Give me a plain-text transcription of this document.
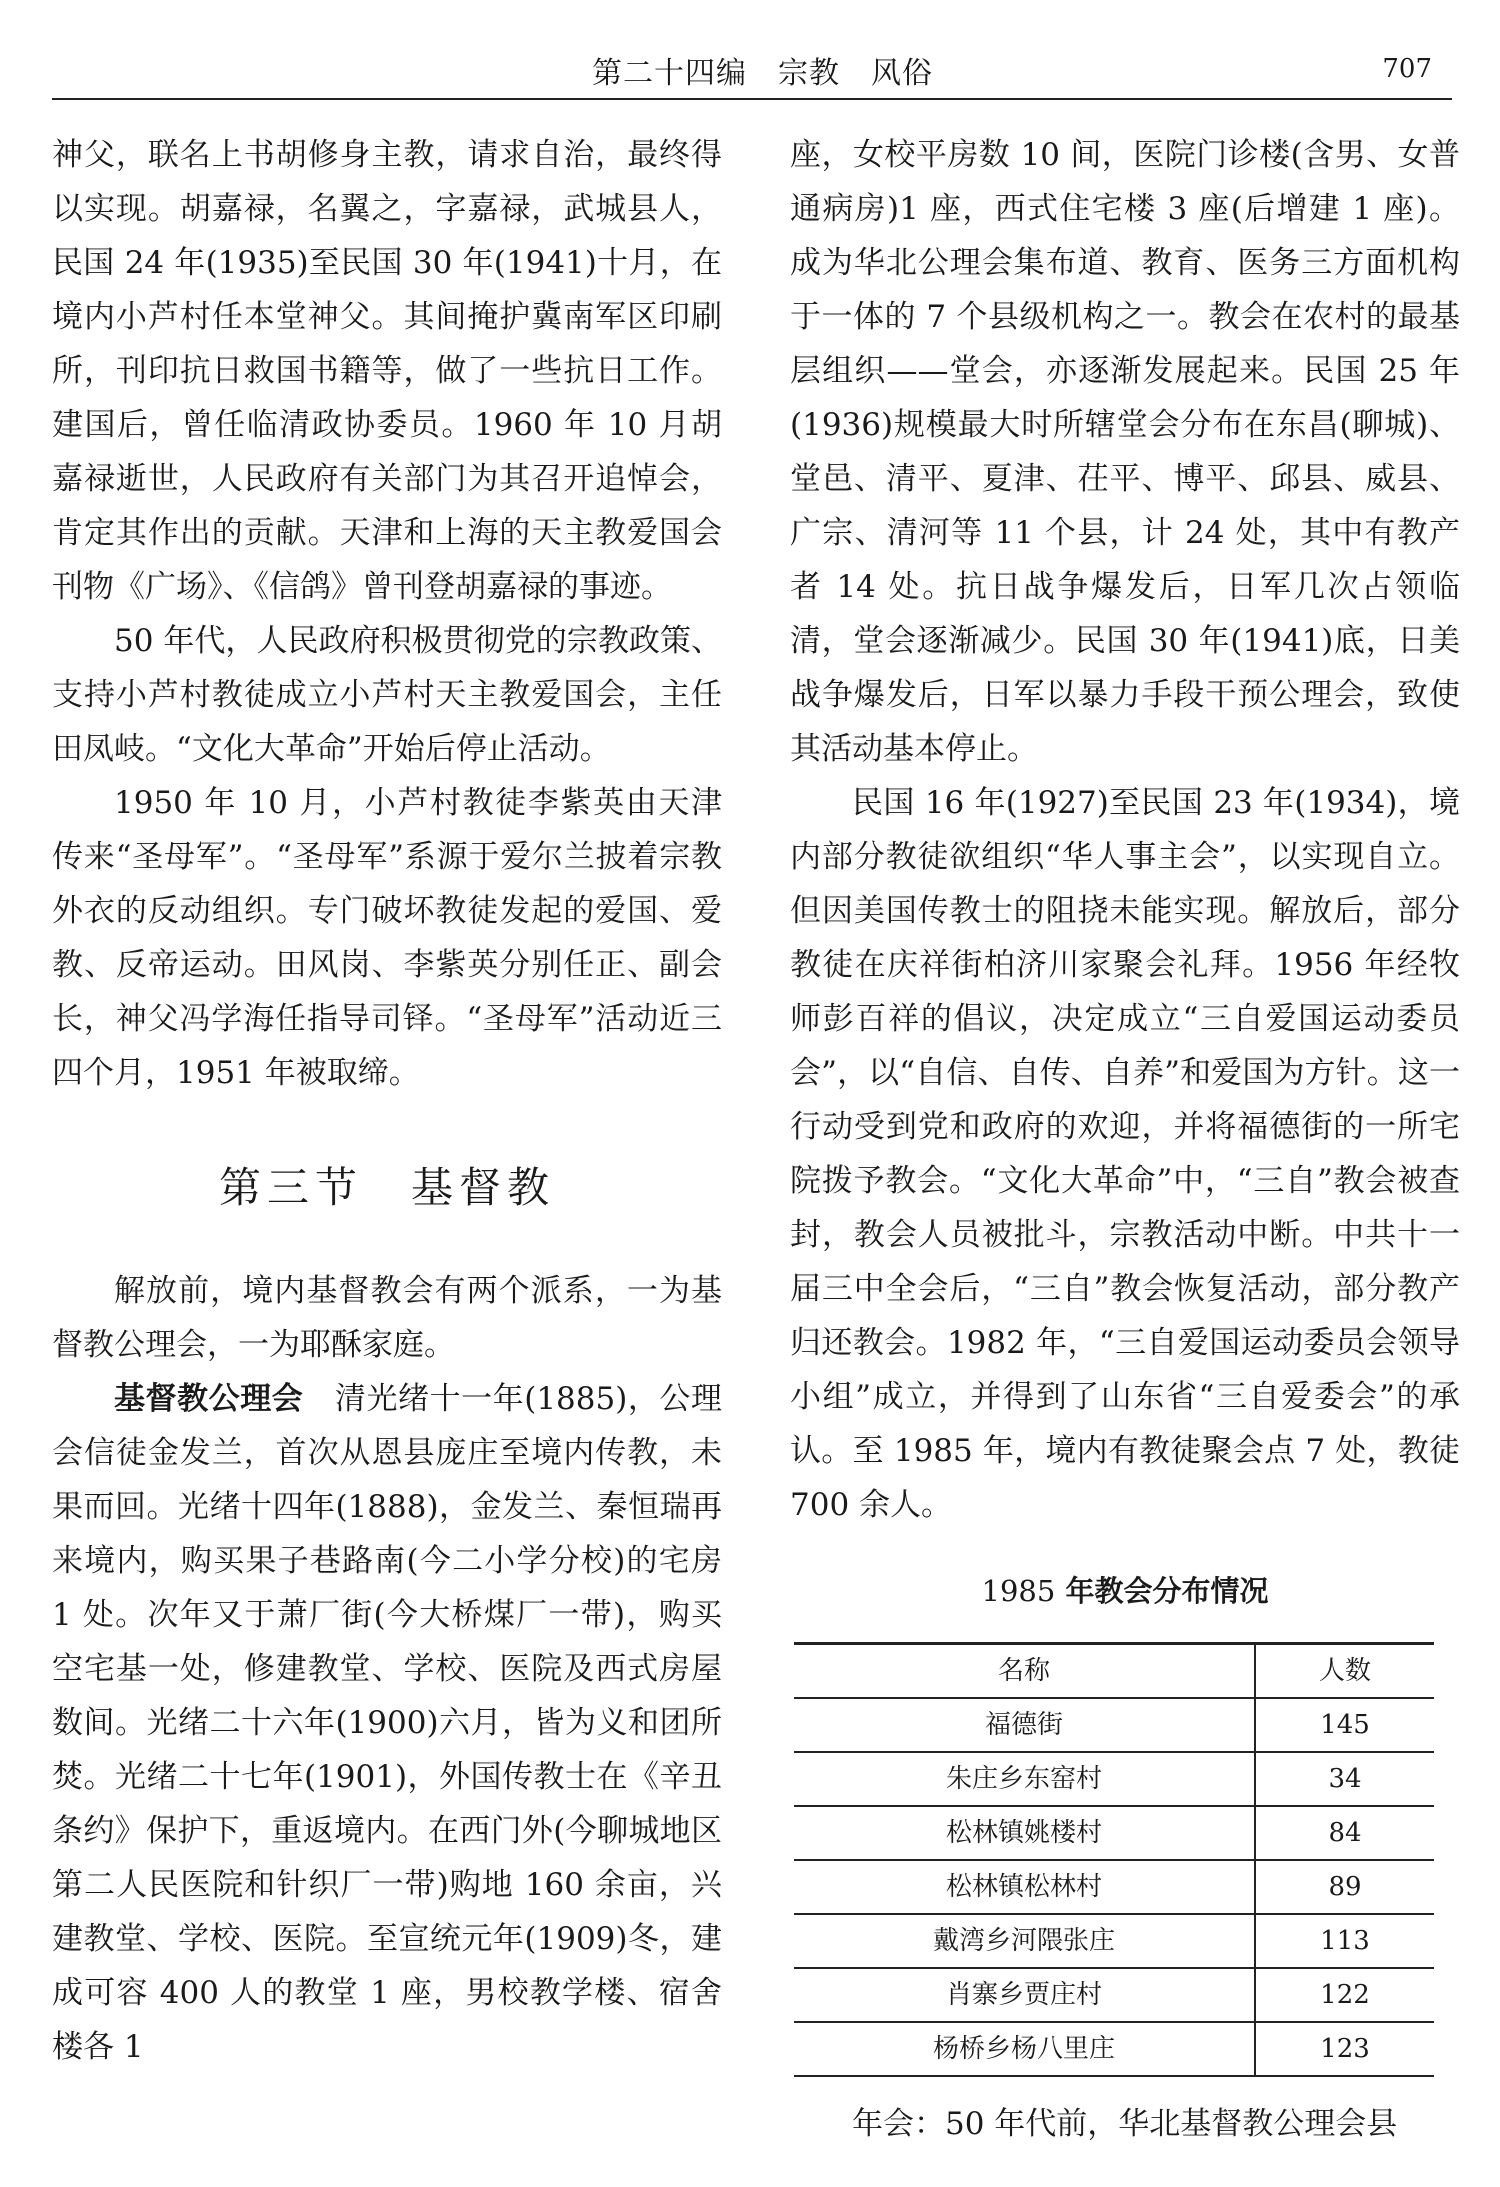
第二十四编　宗教　风俗	707

神父，联名上书胡修身主教，请求自治，最终得以实现。胡嘉禄，名翼之，字嘉禄，武城县人，民国 24 年(1935)至民国 30 年(1941)十月，在境内小芦村任本堂神父。其间掩护冀南军区印刷所，刊印抗日救国书籍等，做了一些抗日工作。建国后，曾任临清政协委员。1960 年 10 月胡嘉禄逝世，人民政府有关部门为其召开追悼会，肯定其作出的贡献。天津和上海的天主教爱国会刊物《广场》、《信鸽》曾刊登胡嘉禄的事迹。

50 年代，人民政府积极贯彻党的宗教政策、支持小芦村教徒成立小芦村天主教爱国会，主任田凤岐。“文化大革命”开始后停止活动。

1950 年 10 月，小芦村教徒李紫英由天津传来“圣母军”。“圣母军”系源于爱尔兰披着宗教外衣的反动组织。专门破坏教徒发起的爱国、爱教、反帝运动。田风岗、李紫英分别任正、副会长，神父冯学海任指导司铎。“圣母军”活动近三四个月，1951 年被取缔。

第三节　基督教

解放前，境内基督教会有两个派系，一为基督教公理会，一为耶酥家庭。

基督教公理会　清光绪十一年(1885)，公理会信徒金发兰，首次从恩县庞庄至境内传教，未果而回。光绪十四年(1888)，金发兰、秦恒瑞再来境内，购买果子巷路南(今二小学分校)的宅房 1 处。次年又于萧厂街(今大桥煤厂一带)，购买空宅基一处，修建教堂、学校、医院及西式房屋数间。光绪二十六年(1900)六月，皆为义和团所焚。光绪二十七年(1901)，外国传教士在《辛丑条约》保护下，重返境内。在西门外(今聊城地区第二人民医院和针织厂一带)购地 160 余亩，兴建教堂、学校、医院。至宣统元年(1909)冬，建成可容 400 人的教堂 1 座，男校教学楼、宿舍楼各 1

座，女校平房数 10 间，医院门诊楼(含男、女普通病房)1 座，西式住宅楼 3 座(后增建 1 座)。成为华北公理会集布道、教育、医务三方面机构于一体的 7 个县级机构之一。教会在农村的最基层组织——堂会，亦逐渐发展起来。民国 25 年(1936)规模最大时所辖堂会分布在东昌(聊城)、堂邑、清平、夏津、茌平、博平、邱县、威县、广宗、清河等 11 个县，计 24 处，其中有教产者 14 处。抗日战争爆发后，日军几次占领临清，堂会逐渐减少。民国 30 年(1941)底，日美战争爆发后，日军以暴力手段干预公理会，致使其活动基本停止。

民国 16 年(1927)至民国 23 年(1934)，境内部分教徒欲组织“华人事主会”，以实现自立。但因美国传教士的阻挠未能实现。解放后，部分教徒在庆祥街柏济川家聚会礼拜。1956 年经牧师彭百祥的倡议，决定成立“三自爱国运动委员会”，以“自信、自传、自养”和爱国为方针。这一行动受到党和政府的欢迎，并将福德街的一所宅院拨予教会。“文化大革命”中，“三自”教会被查封，教会人员被批斗，宗教活动中断。中共十一届三中全会后，“三自”教会恢复活动，部分教产归还教会。1982 年，“三自爱国运动委员会领导小组”成立，并得到了山东省“三自爱委会”的承认。至 1985 年，境内有教徒聚会点 7 处，教徒 700 余人。

1985 年教会分布情况

名称	人数
福德街	145
朱庄乡东窑村	34
松林镇姚楼村	84
松林镇松林村	89
戴湾乡河隈张庄	113
肖寨乡贾庄村	122
杨桥乡杨八里庄	123

年会：50 年代前，华北基督教公理会县
